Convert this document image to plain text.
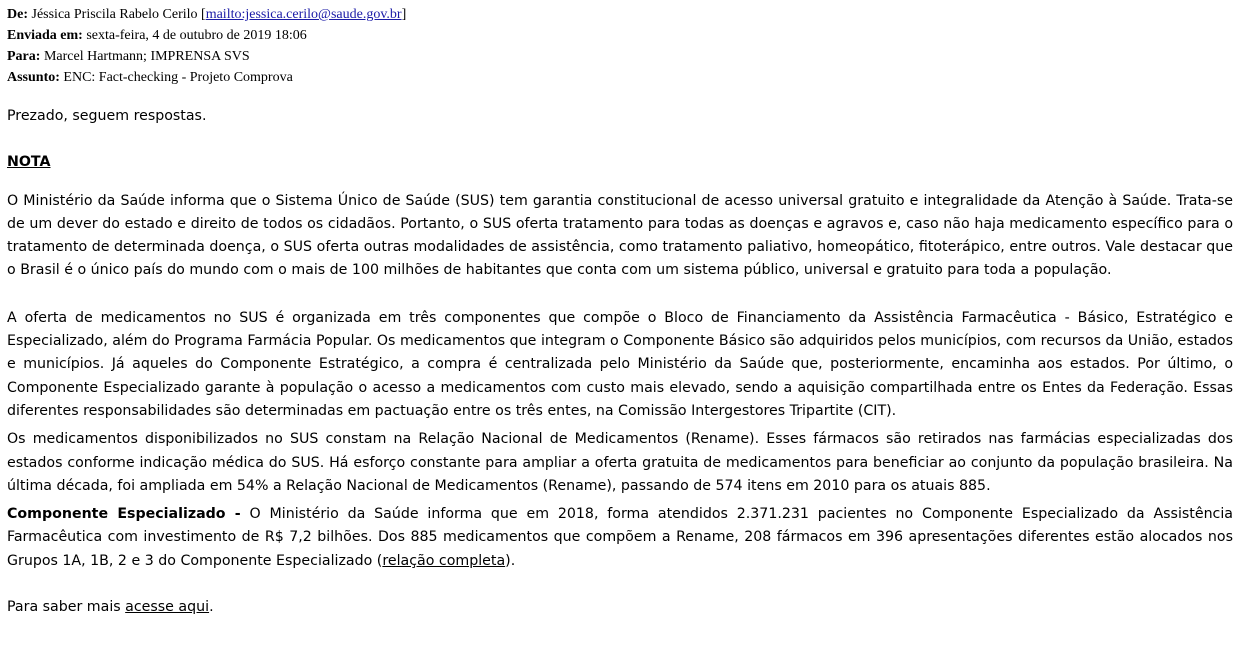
De: Jéssica Priscila Rabelo Cerilo [mailto:jessica.cerilo@saude.gov.br]
Enviada em: sexta-feira, 4 de outubro de 2019 18:06
Para: Marcel Hartmann; IMPRENSA SVS
Assunto: ENC: Fact-checking - Projeto Comprova

Prezado, seguem respostas.

NOTA

O Ministério da Saúde informa que o Sistema Único de Saúde (SUS) tem garantia constitucional de acesso universal gratuito e integralidade da Atenção à Saúde. Trata-se de um dever do estado e direito de todos os cidadãos. Portanto, o SUS oferta tratamento para todas as doenças e agravos e, caso não haja medicamento específico para o tratamento de determinada doença, o SUS oferta outras modalidades de assistência, como tratamento paliativo, homeopático, fitoterápico, entre outros. Vale destacar que o Brasil é o único país do mundo com o mais de 100 milhões de habitantes que conta com um sistema público, universal e gratuito para toda a população.

A oferta de medicamentos no SUS é organizada em três componentes que compõe o Bloco de Financiamento da Assistência Farmacêutica - Básico, Estratégico e Especializado, além do Programa Farmácia Popular. Os medicamentos que integram o Componente Básico são adquiridos pelos municípios, com recursos da União, estados e municípios. Já aqueles do Componente Estratégico, a compra é centralizada pelo Ministério da Saúde que, posteriormente, encaminha aos estados. Por último, o Componente Especializado garante à população o acesso a medicamentos com custo mais elevado, sendo a aquisição compartilhada entre os Entes da Federação. Essas diferentes responsabilidades são determinadas em pactuação entre os três entes, na Comissão Intergestores Tripartite (CIT).

Os medicamentos disponibilizados no SUS constam na Relação Nacional de Medicamentos (Rename). Esses fármacos são retirados nas farmácias especializadas dos estados conforme indicação médica do SUS. Há esforço constante para ampliar a oferta gratuita de medicamentos para beneficiar ao conjunto da população brasileira. Na última década, foi ampliada em 54% a Relação Nacional de Medicamentos (Rename), passando de 574 itens em 2010 para os atuais 885.

Componente Especializado - O Ministério da Saúde informa que em 2018, forma atendidos 2.371.231 pacientes no Componente Especializado da Assistência Farmacêutica com investimento de R$ 7,2 bilhões. Dos 885 medicamentos que compõem a Rename, 208 fármacos em 396 apresentações diferentes estão alocados nos Grupos 1A, 1B, 2 e 3 do Componente Especializado (relação completa).

Para saber mais acesse aqui.
